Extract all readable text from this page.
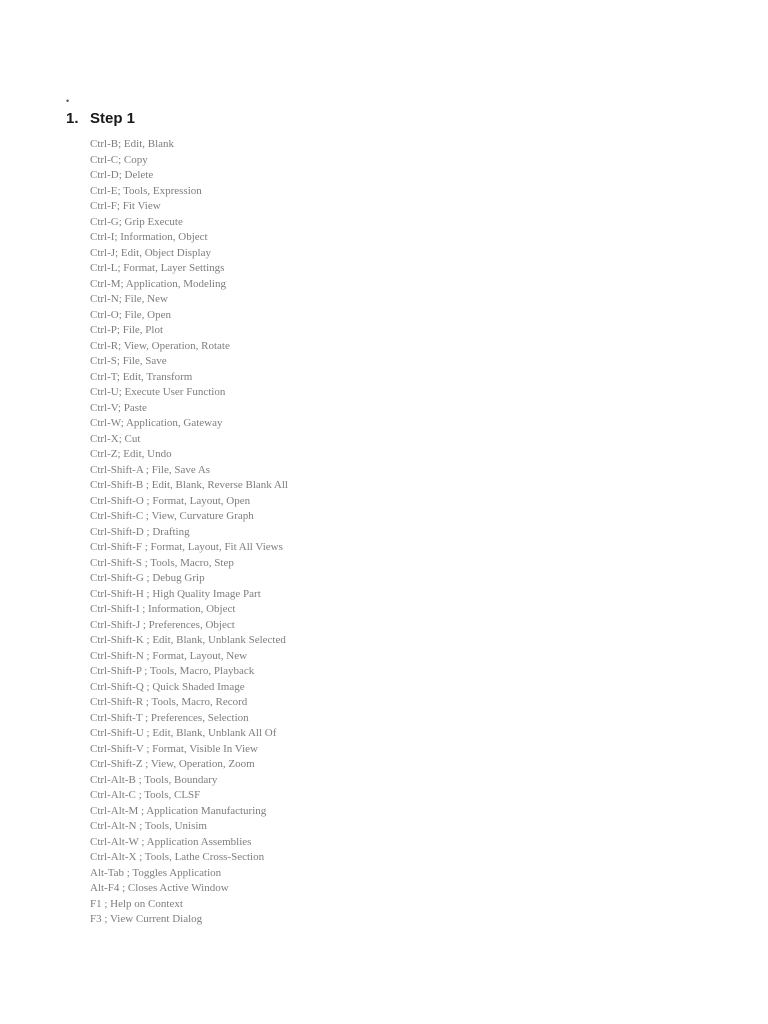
•
1. Step 1
Ctrl-B; Edit, Blank
Ctrl-C; Copy
Ctrl-D; Delete
Ctrl-E; Tools, Expression
Ctrl-F; Fit View
Ctrl-G; Grip Execute
Ctrl-I; Information, Object
Ctrl-J; Edit, Object Display
Ctrl-L; Format, Layer Settings
Ctrl-M; Application, Modeling
Ctrl-N; File, New
Ctrl-O; File, Open
Ctrl-P; File, Plot
Ctrl-R; View, Operation, Rotate
Ctrl-S; File, Save
Ctrl-T; Edit, Transform
Ctrl-U; Execute User Function
Ctrl-V; Paste
Ctrl-W; Application, Gateway
Ctrl-X; Cut
Ctrl-Z; Edit, Undo
Ctrl-Shift-A ; File, Save As
Ctrl-Shift-B ; Edit, Blank, Reverse Blank All
Ctrl-Shift-O ; Format, Layout, Open
Ctrl-Shift-C ; View, Curvature Graph
Ctrl-Shift-D ; Drafting
Ctrl-Shift-F ; Format, Layout, Fit All Views
Ctrl-Shift-S ; Tools, Macro, Step
Ctrl-Shift-G ; Debug Grip
Ctrl-Shift-H ; High Quality Image Part
Ctrl-Shift-I ; Information, Object
Ctrl-Shift-J ; Preferences, Object
Ctrl-Shift-K ; Edit, Blank, Unblank Selected
Ctrl-Shift-N ; Format, Layout, New
Ctrl-Shift-P ; Tools, Macro, Playback
Ctrl-Shift-Q ; Quick Shaded Image
Ctrl-Shift-R ; Tools, Macro, Record
Ctrl-Shift-T ; Preferences, Selection
Ctrl-Shift-U ; Edit, Blank, Unblank All Of
Ctrl-Shift-V ; Format, Visible In View
Ctrl-Shift-Z ; View, Operation, Zoom
Ctrl-Alt-B ; Tools, Boundary
Ctrl-Alt-C ; Tools, CLSF
Ctrl-Alt-M ; Application Manufacturing
Ctrl-Alt-N ; Tools, Unisim
Ctrl-Alt-W ; Application Assemblies
Ctrl-Alt-X ; Tools, Lathe Cross-Section
Alt-Tab ; Toggles Application
Alt-F4 ; Closes Active Window
F1 ; Help on Context
F3 ; View Current Dialog
